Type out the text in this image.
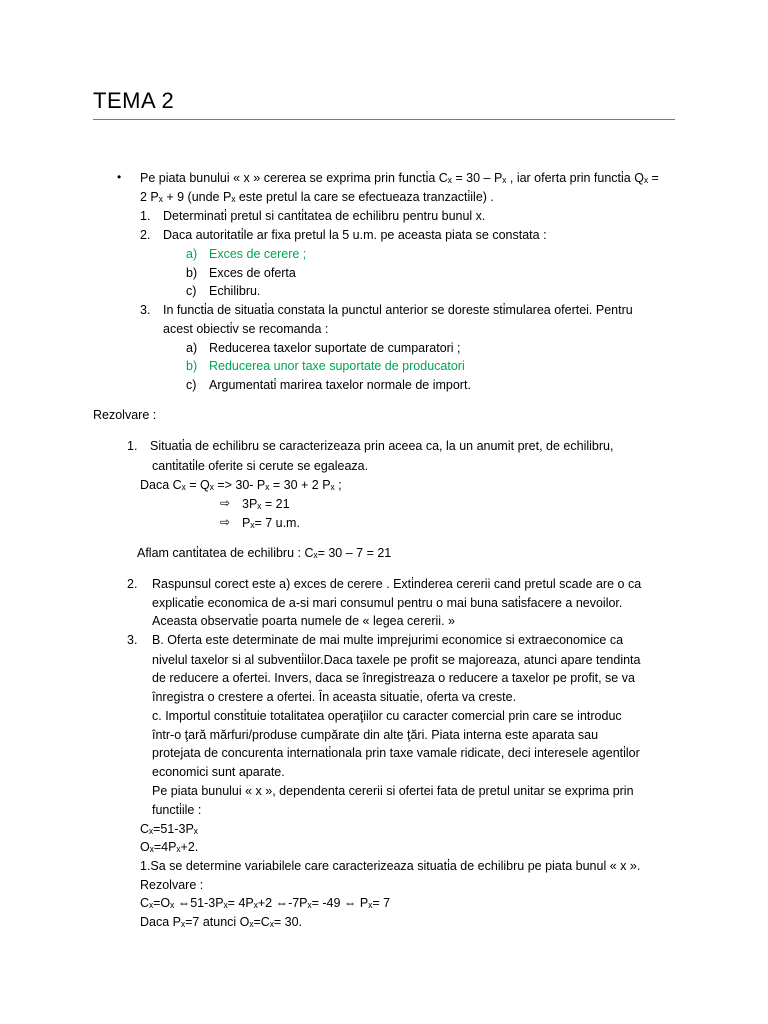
TEMA 2
• Pe piata bunului « x » cererea se exprima prin functi̇a Cₓ = 30 – Pₓ , iar oferta prin functi̇a Qₓ =
2 Pₓ + 9 (unde Pₓ este pretul la care se efectueaza tranzacti̇ile) .
1. Determinati̇ pretul si canti̇tatea de echilibru pentru bunul x.
2. Daca autoritati̇le ar fixa pretul la 5 u.m. pe aceasta piata se constata :
a) Exces de cerere ;
b) Exces de oferta
c) Echilibru.
3. In functi̇a de situati̇a constata la punctul anterior se doreste sti̇mularea ofertei. Pentru
acest obiecti̇v se recomanda :
a) Reducerea taxelor suportate de cumparatori ;
b) Reducerea unor taxe suportate de producatori
c) Argumentati̇ marirea taxelor normale de import.
Rezolvare :
1. Situati̇a de echilibru se caracterizeaza prin aceea ca, la un anumit pret, de echilibru,
canti̇tati̇le oferite si cerute se egaleaza.
Daca Cₓ = Qₓ => 30- Pₓ = 30 + 2 Pₓ ;
⇨ 3Pₓ = 21
⇨ Pₓ= 7 u.m.
Aflam canti̇tatea de echilibru : Cₓ= 30 – 7 = 21
2. Raspunsul corect este a) exces de cerere . Exti̇nderea cererii cand pretul scade are o ca
explicati̇e economica de a-si mari consumul pentru o mai buna sati̇sfacere a nevoilor.
Aceasta observati̇e poarta numele de « legea cererii. »
3. B. Oferta este determinate de mai multe imprejurimi economice si extraeconomice ca
nivelul taxelor si al subventi̇ilor.Daca taxele pe profit se majoreaza, atunci apare tendinta
de reducere a ofertei. Invers, daca se înregistreaza o reducere a taxelor pe profit, se va
înregistra o crestere a ofertei. În aceasta situati̇e, oferta va creste.
c. Importul consti̇tuie totalitatea operaţiilor cu caracter comercial prin care se introduc
într-o ţară mărfuri/produse cumpărate din alte ţări. Piata interna este aparata sau
protejata de concurenta internati̇onala prin taxe vamale ridicate, deci interesele agenti̇lor
economici sunt aparate.
Pe piata bunului « x », dependenta cererii si ofertei fata de pretul unitar se exprima prin
functi̇ile :
Cₓ=51-3Pₓ
Oₓ=4Pₓ+2.
1.Sa se determine variabilele care caracterizeaza situati̇a de echilibru pe piata bunul « x ».
Rezolvare :
Cₓ=Oₓ ⇔51-3Pₓ= 4Pₓ+2 ⇔-7Pₓ= -49 ⇔ Pₓ= 7
Daca Pₓ=7 atunci Oₓ=Cₓ= 30.
